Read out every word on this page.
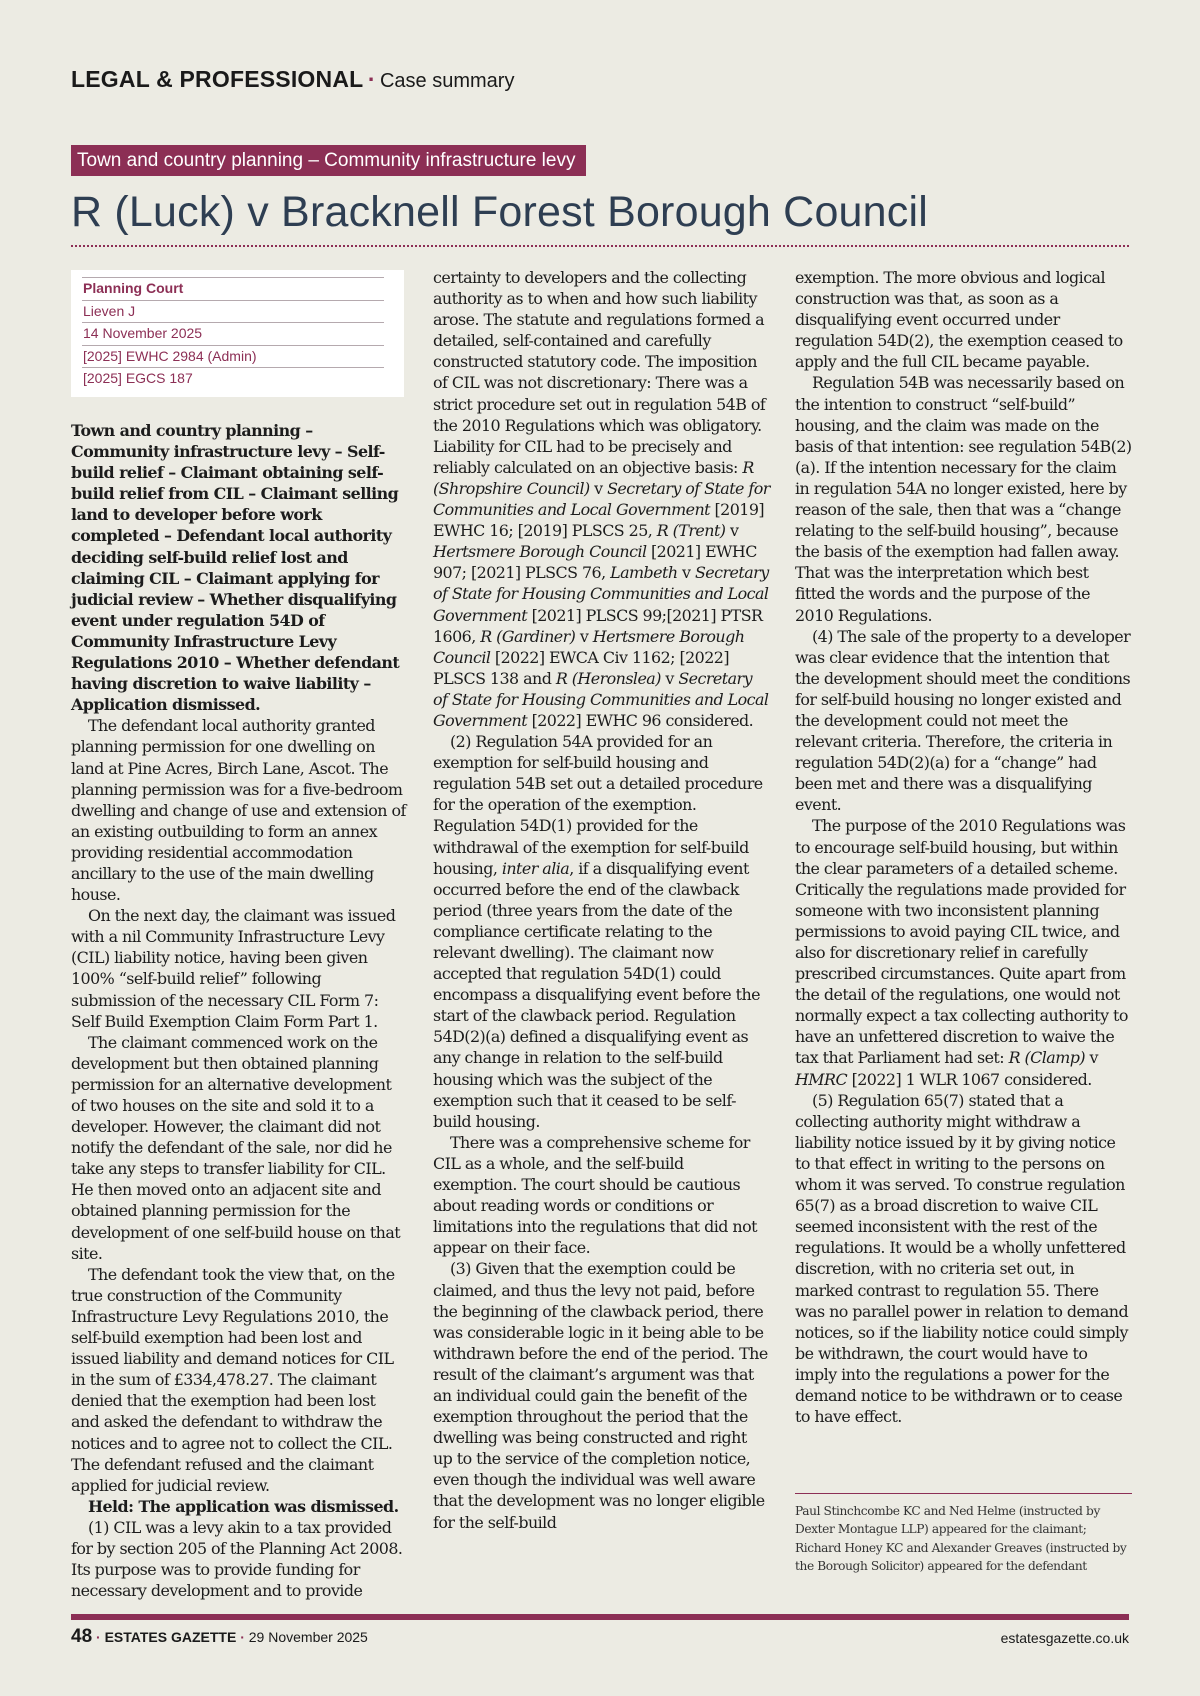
LEGAL & PROFESSIONAL · Case summary
Town and country planning – Community infrastructure levy
R (Luck) v Bracknell Forest Borough Council
Planning Court
Lieven J
14 November 2025
[2025] EWHC 2984 (Admin)
[2025] EGCS 187

Town and country planning – Community infrastructure levy – Self-build relief – Claimant obtaining self-build relief from CIL – Claimant selling land to developer before work completed – Defendant local authority deciding self-build relief lost and claiming CIL – Claimant applying for judicial review – Whether disqualifying event under regulation 54D of Community Infrastructure Levy Regulations 2010 – Whether defendant having discretion to waive liability – Application dismissed.

The defendant local authority granted planning permission for one dwelling on land at Pine Acres, Birch Lane, Ascot. The planning permission was for a five-bedroom dwelling and change of use and extension of an existing outbuilding to form an annex providing residential accommodation ancillary to the use of the main dwelling house.

On the next day, the claimant was issued with a nil Community Infrastructure Levy (CIL) liability notice, having been given 100% “self-build relief” following submission of the necessary CIL Form 7: Self Build Exemption Claim Form Part 1.

The claimant commenced work on the development but then obtained planning permission for an alternative development of two houses on the site and sold it to a developer. However, the claimant did not notify the defendant of the sale, nor did he take any steps to transfer liability for CIL. He then moved onto an adjacent site and obtained planning permission for the development of one self-build house on that site.

The defendant took the view that, on the true construction of the Community Infrastructure Levy Regulations 2010, the self-build exemption had been lost and issued liability and demand notices for CIL in the sum of £334,478.27. The claimant denied that the exemption had been lost and asked the defendant to withdraw the notices and to agree not to collect the CIL. The defendant refused and the claimant applied for judicial review.

Held: The application was dismissed.

(1) CIL was a levy akin to a tax provided for by section 205 of the Planning Act 2008. Its purpose was to provide funding for necessary development and to provide

certainty to developers and the collecting authority as to when and how such liability arose. The statute and regulations formed a detailed, self-contained and carefully constructed statutory code. The imposition of CIL was not discretionary: There was a strict procedure set out in regulation 54B of the 2010 Regulations which was obligatory. Liability for CIL had to be precisely and reliably calculated on an objective basis: R (Shropshire Council) v Secretary of State for Communities and Local Government [2019] EWHC 16; [2019] PLSCS 25, R (Trent) v Hertsmere Borough Council [2021] EWHC 907; [2021] PLSCS 76, Lambeth v Secretary of State for Housing Communities and Local Government [2021] PLSCS 99;[2021] PTSR 1606, R (Gardiner) v Hertsmere Borough Council [2022] EWCA Civ 1162; [2022] PLSCS 138 and R (Heronslea) v Secretary of State for Housing Communities and Local Government [2022] EWHC 96 considered.

(2) Regulation 54A provided for an exemption for self-build housing and regulation 54B set out a detailed procedure for the operation of the exemption. Regulation 54D(1) provided for the withdrawal of the exemption for self-build housing, inter alia, if a disqualifying event occurred before the end of the clawback period (three years from the date of the compliance certificate relating to the relevant dwelling). The claimant now accepted that regulation 54D(1) could encompass a disqualifying event before the start of the clawback period. Regulation 54D(2)(a) defined a disqualifying event as any change in relation to the self-build housing which was the subject of the exemption such that it ceased to be self-build housing.

There was a comprehensive scheme for CIL as a whole, and the self-build exemption. The court should be cautious about reading words or conditions or limitations into the regulations that did not appear on their face.

(3) Given that the exemption could be claimed, and thus the levy not paid, before the beginning of the clawback period, there was considerable logic in it being able to be withdrawn before the end of the period. The result of the claimant’s argument was that an individual could gain the benefit of the exemption throughout the period that the dwelling was being constructed and right up to the service of the completion notice, even though the individual was well aware that the development was no longer eligible for the self-build

exemption. The more obvious and logical construction was that, as soon as a disqualifying event occurred under regulation 54D(2), the exemption ceased to apply and the full CIL became payable.

Regulation 54B was necessarily based on the intention to construct “self-build” housing, and the claim was made on the basis of that intention: see regulation 54B(2)(a). If the intention necessary for the claim in regulation 54A no longer existed, here by reason of the sale, then that was a “change relating to the self-build housing”, because the basis of the exemption had fallen away. That was the interpretation which best fitted the words and the purpose of the 2010 Regulations.

(4) The sale of the property to a developer was clear evidence that the intention that the development should meet the conditions for self-build housing no longer existed and the development could not meet the relevant criteria. Therefore, the criteria in regulation 54D(2)(a) for a “change” had been met and there was a disqualifying event.

The purpose of the 2010 Regulations was to encourage self-build housing, but within the clear parameters of a detailed scheme. Critically the regulations made provided for someone with two inconsistent planning permissions to avoid paying CIL twice, and also for discretionary relief in carefully prescribed circumstances. Quite apart from the detail of the regulations, one would not normally expect a tax collecting authority to have an unfettered discretion to waive the tax that Parliament had set: R (Clamp) v HMRC [2022] 1 WLR 1067 considered.

(5) Regulation 65(7) stated that a collecting authority might withdraw a liability notice issued by it by giving notice to that effect in writing to the persons on whom it was served. To construe regulation 65(7) as a broad discretion to waive CIL seemed inconsistent with the rest of the regulations. It would be a wholly unfettered discretion, with no criteria set out, in marked contrast to regulation 55. There was no parallel power in relation to demand notices, so if the liability notice could simply be withdrawn, the court would have to imply into the regulations a power for the demand notice to be withdrawn or to cease to have effect.

Paul Stinchcombe KC and Ned Helme (instructed by Dexter Montague LLP) appeared for the claimant; Richard Honey KC and Alexander Greaves (instructed by the Borough Solicitor) appeared for the defendant
48 · ESTATES GAZETTE · 29 November 2025	estatesgazette.co.uk
